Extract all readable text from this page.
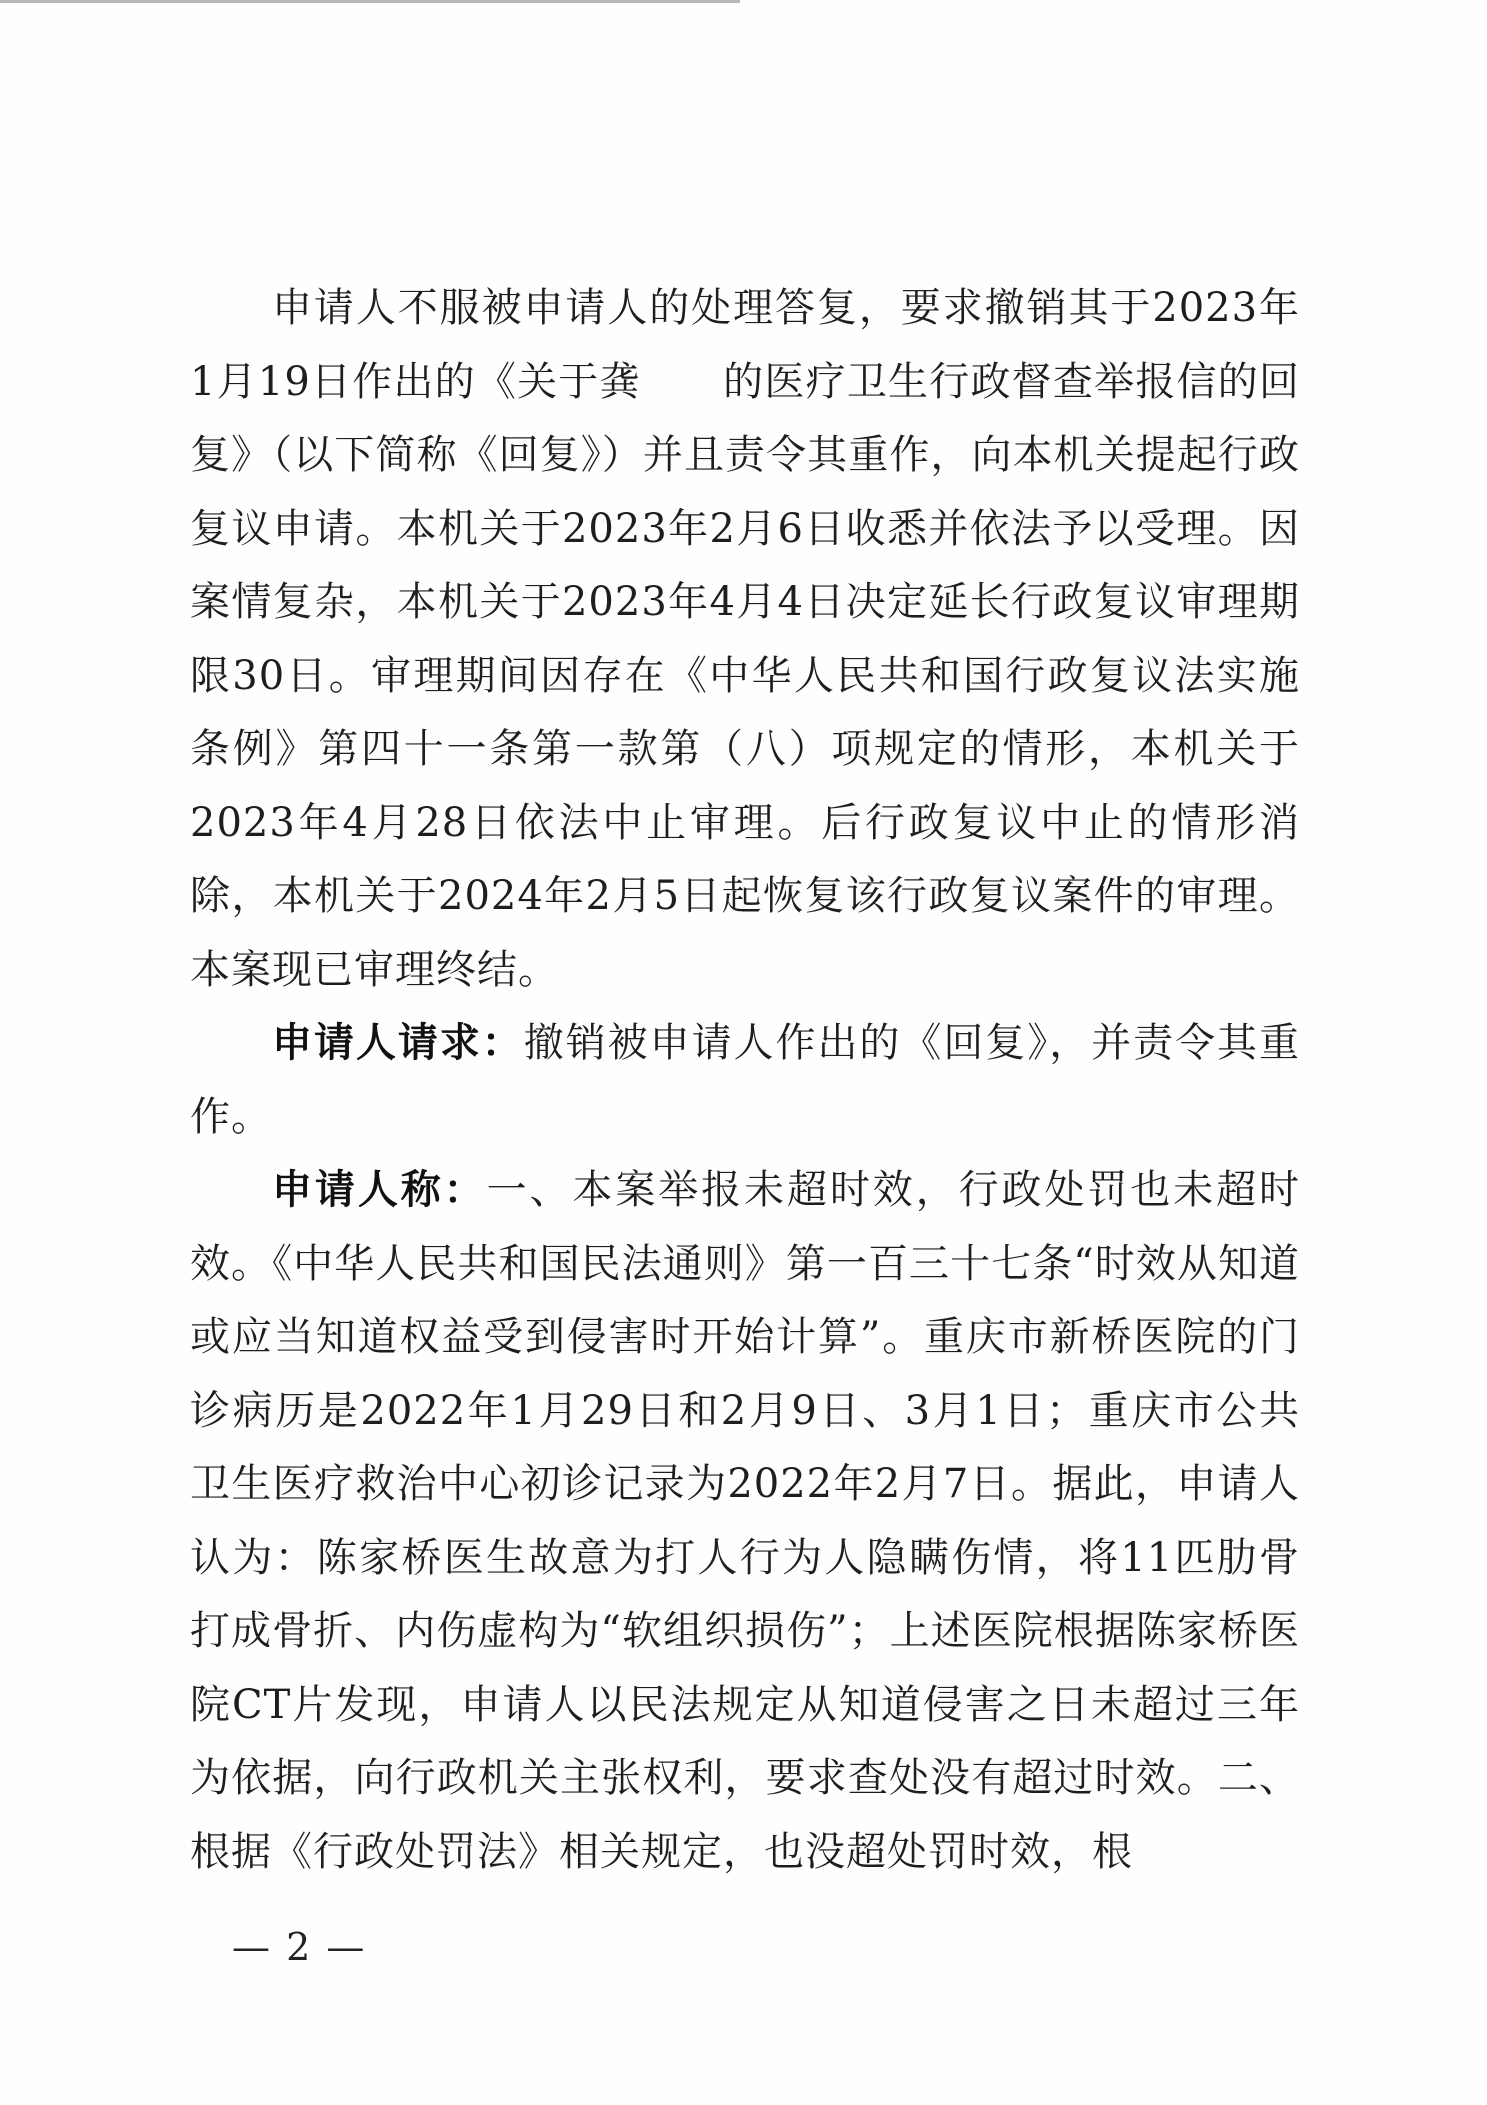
申请人不服被申请人的处理答复，要求撤销其于2023年1月19日作出的《关于龚　　的医疗卫生行政督查举报信的回复》（以下简称《回复》）并且责令其重作，向本机关提起行政复议申请。本机关于2023年2月6日收悉并依法予以受理。因案情复杂，本机关于2023年4月4日决定延长行政复议审理期限30日。审理期间因存在《中华人民共和国行政复议法实施条例》第四十一条第一款第（八）项规定的情形，本机关于2023年4月28日依法中止审理。后行政复议中止的情形消除，本机关于2024年2月5日起恢复该行政复议案件的审理。本案现已审理终结。

申请人请求：撤销被申请人作出的《回复》，并责令其重作。

申请人称：一、本案举报未超时效，行政处罚也未超时效。《中华人民共和国民法通则》第一百三十七条“时效从知道或应当知道权益受到侵害时开始计算”。重庆市新桥医院的门诊病历是2022年1月29日和2月9日、3月1日；重庆市公共卫生医疗救治中心初诊记录为2022年2月7日。据此，申请人认为：陈家桥医生故意为打人行为人隐瞒伤情，将11匹肋骨打成骨折、内伤虚构为“软组织损伤”；上述医院根据陈家桥医院CT片发现，申请人以民法规定从知道侵害之日未超过三年为依据，向行政机关主张权利，要求查处没有超过时效。二、根据《行政处罚法》相关规定，也没超处罚时效，根

— 2 —
